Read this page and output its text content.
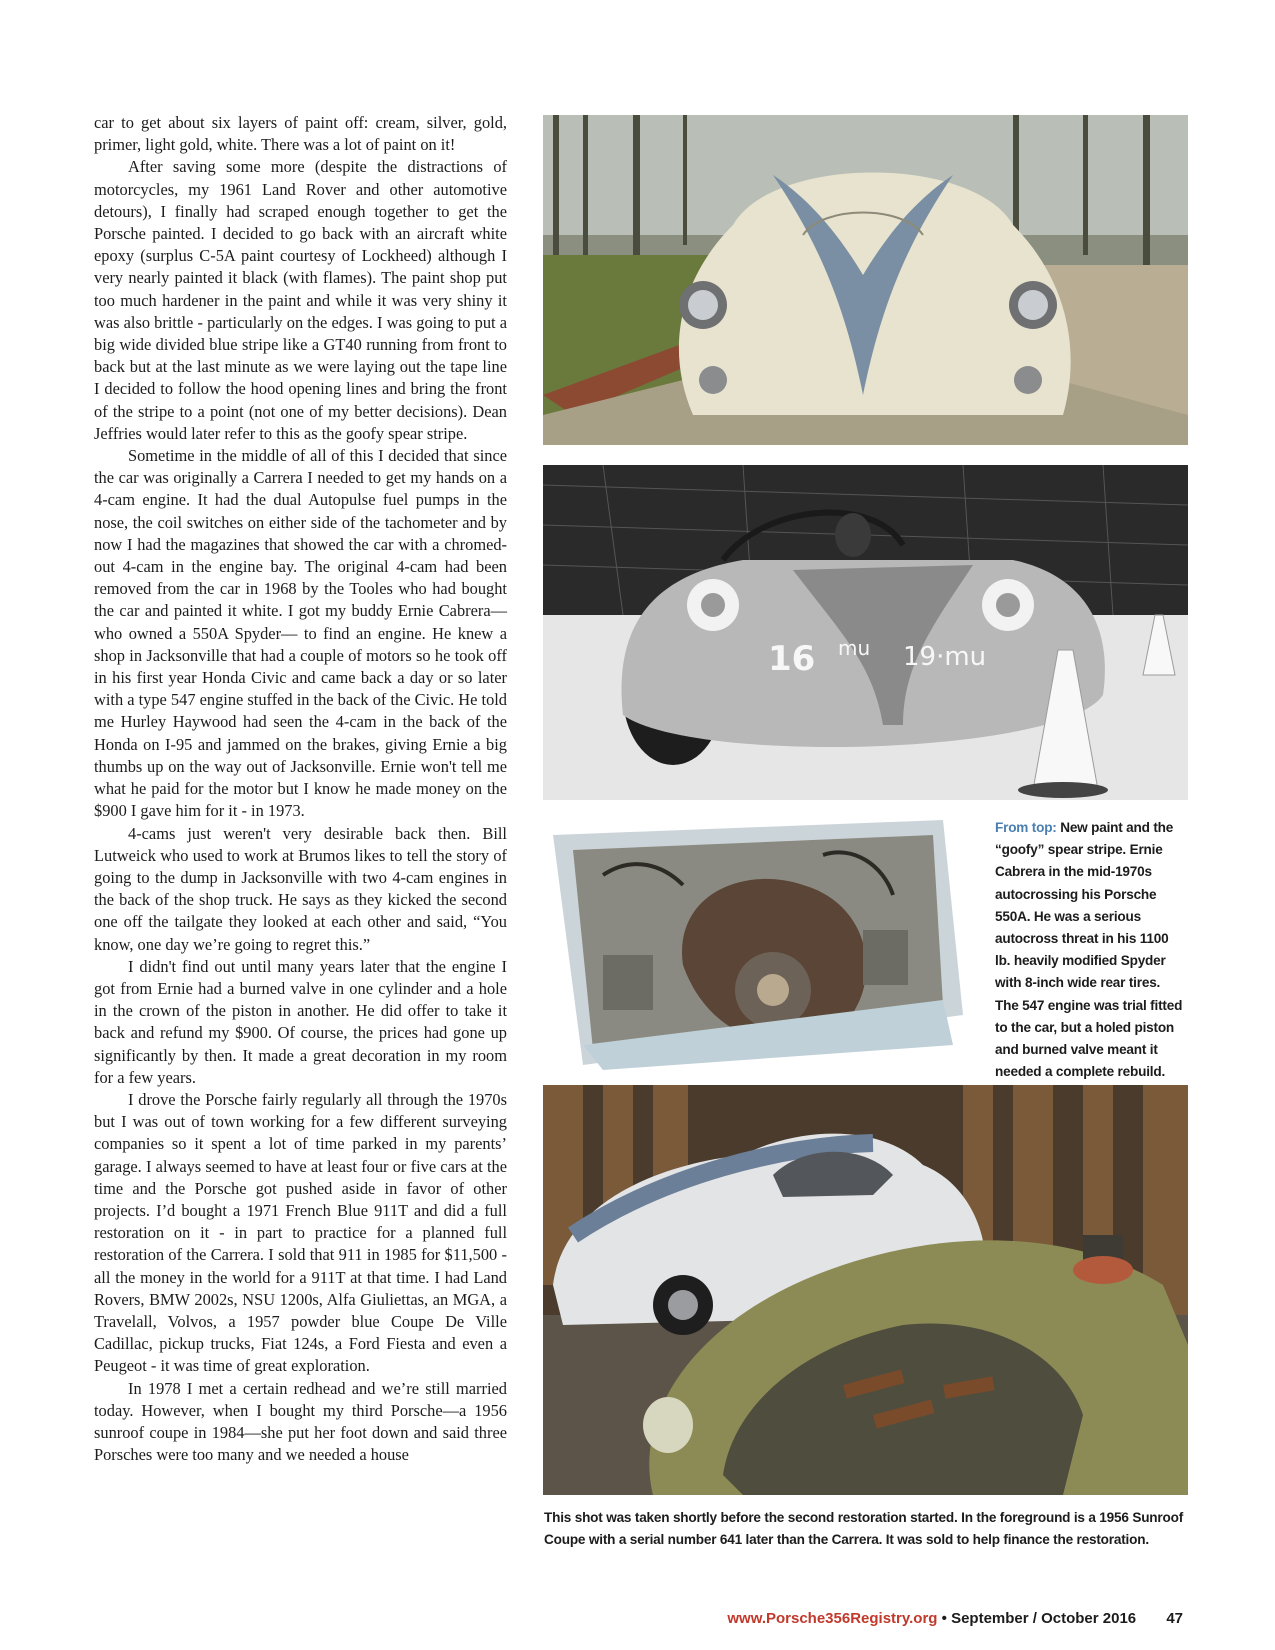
car to get about six layers of paint off: cream, silver, gold, primer, light gold, white. There was a lot of paint on it!

After saving some more (despite the distractions of motorcycles, my 1961 Land Rover and other automotive detours), I finally had scraped enough together to get the Porsche painted. I decided to go back with an aircraft white epoxy (surplus C-5A paint courtesy of Lockheed) although I very nearly painted it black (with flames). The paint shop put too much hardener in the paint and while it was very shiny it was also brittle - particularly on the edges. I was going to put a big wide divided blue stripe like a GT40 running from front to back but at the last minute as we were laying out the tape line I decided to follow the hood opening lines and bring the front of the stripe to a point (not one of my better decisions). Dean Jeffries would later refer to this as the goofy spear stripe.

Sometime in the middle of all of this I decided that since the car was originally a Carrera I needed to get my hands on a 4-cam engine. It had the dual Autopulse fuel pumps in the nose, the coil switches on either side of the tachometer and by now I had the magazines that showed the car with a chromed-out 4-cam in the engine bay. The original 4-cam had been removed from the car in 1968 by the Tooles who had bought the car and painted it white. I got my buddy Ernie Cabrera—who owned a 550A Spyder— to find an engine. He knew a shop in Jacksonville that had a couple of motors so he took off in his first year Honda Civic and came back a day or so later with a type 547 engine stuffed in the back of the Civic. He told me Hurley Haywood had seen the 4-cam in the back of the Honda on I-95 and jammed on the brakes, giving Ernie a big thumbs up on the way out of Jacksonville. Ernie won't tell me what he paid for the motor but I know he made money on the $900 I gave him for it - in 1973.

4-cams just weren't very desirable back then. Bill Lutweick who used to work at Brumos likes to tell the story of going to the dump in Jacksonville with two 4-cam engines in the back of the shop truck. He says as they kicked the second one off the tailgate they looked at each other and said, “You know, one day we’re going to regret this.”

I didn't find out until many years later that the engine I got from Ernie had a burned valve in one cylinder and a hole in the crown of the piston in another. He did offer to take it back and refund my $900. Of course, the prices had gone up significantly by then. It made a great decoration in my room for a few years.

I drove the Porsche fairly regularly all through the 1970s but I was out of town working for a few different surveying companies so it spent a lot of time parked in my parents’ garage. I always seemed to have at least four or five cars at the time and the Porsche got pushed aside in favor of other projects. I’d bought a 1971 French Blue 911T and did a full restoration on it - in part to practice for a planned full restoration of the Carrera. I sold that 911 in 1985 for $11,500 - all the money in the world for a 911T at that time. I had Land Rovers, BMW 2002s, NSU 1200s, Alfa Giuliettas, an MGA, a Travelall, Volvos, a 1957 powder blue Coupe De Ville Cadillac, pickup trucks, Fiat 124s, a Ford Fiesta and even a Peugeot - it was time of great exploration.

In 1978 I met a certain redhead and we’re still married today. However, when I bought my third Porsche—a 1956 sunroof coupe in 1984—she put her foot down and said three Porsches were too many and we needed a house

16 mu 19·mu
From top: New paint and the “goofy” spear stripe. Ernie Cabrera in the mid-1970s autocrossing his Porsche 550A. He was a serious autocross threat in his 1100 lb. heavily modified Spyder with 8-inch wide rear tires. The 547 engine was trial fitted to the car, but a holed piston and burned valve meant it needed a complete rebuild.
This shot was taken shortly before the second restoration started. In the foreground is a 1956 Sunroof Coupe with a serial number 641 later than the Carrera. It was sold to help finance the restoration.
www.Porsche356Registry.org • September / October 2016 47
